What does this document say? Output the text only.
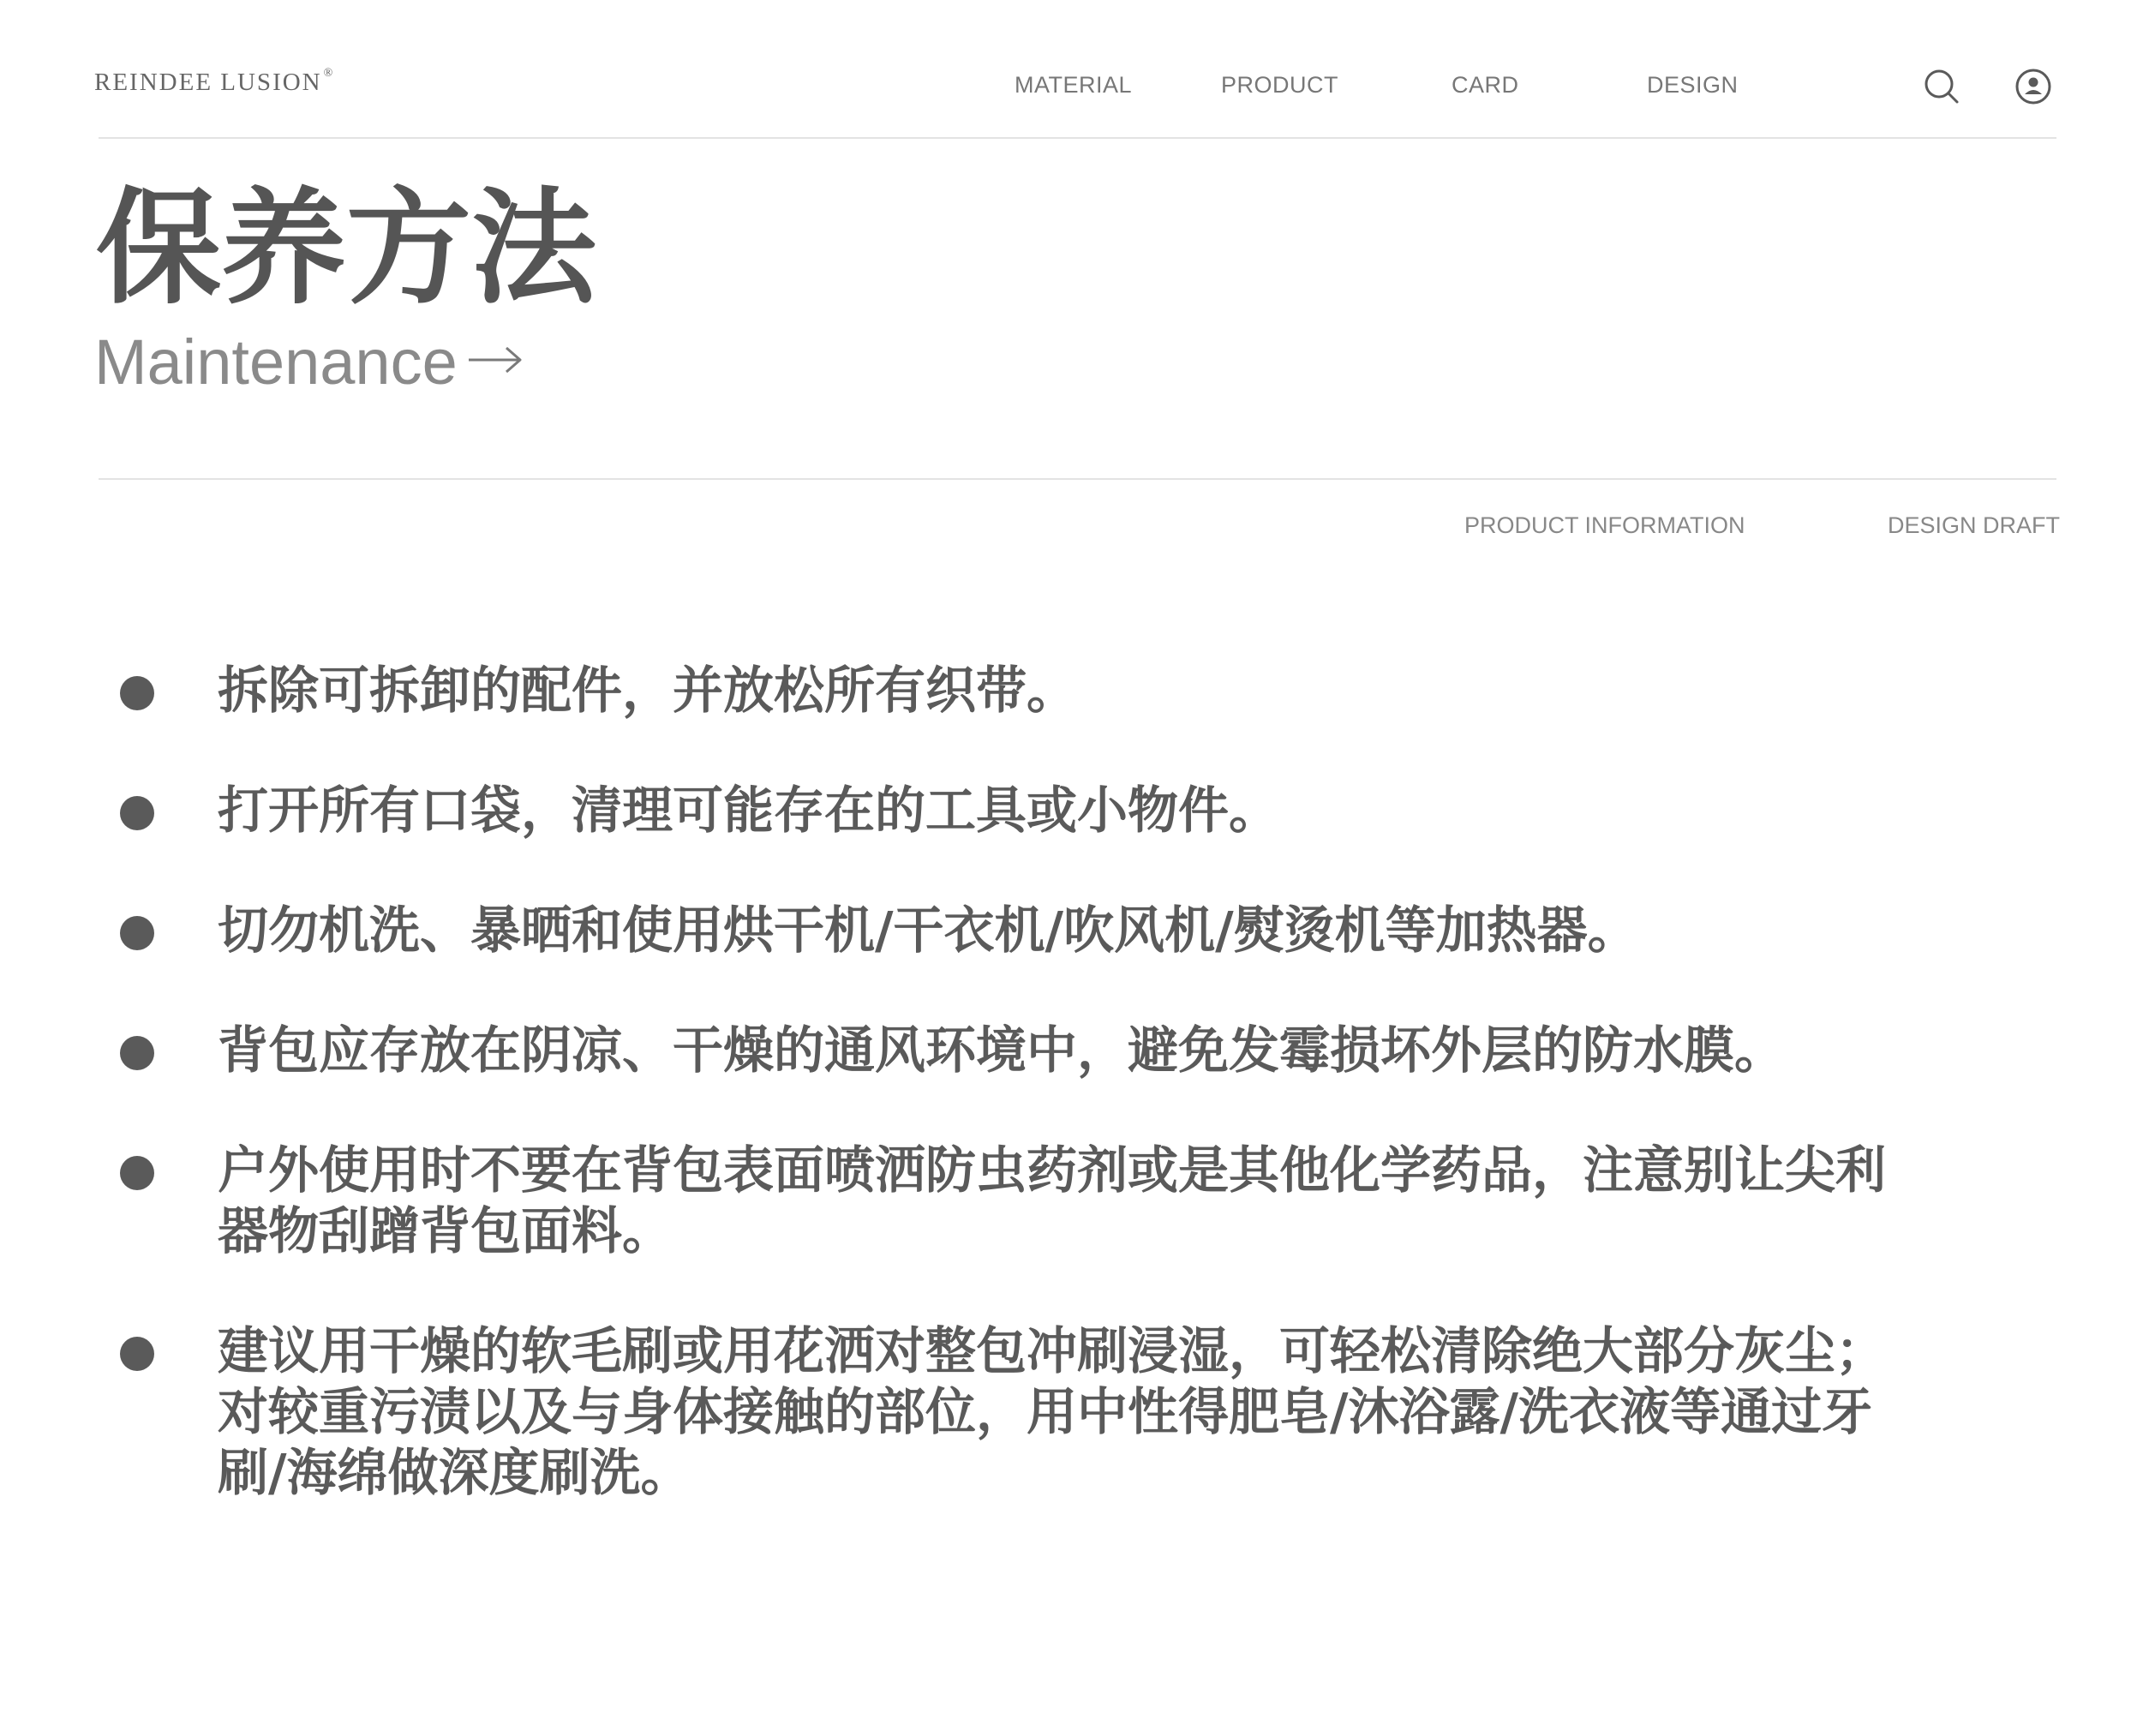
REINDEE LUSION ®	MATERIAL	PRODUCT	CARD	DESIGN
保养方法
Maintenance
PRODUCT INFORMATION	DESIGN DRAFT
拆除可拆卸的配件，并放松所有织带。
打开所有口袋，清理可能存在的工具或小物件。
切勿机洗、暴晒和使用烘干机/干衣机/吹风机/熨烫机等加热器。
背包应存放在阴凉、干燥的通风环境中，避免发霉损坏外层的防水膜。
户外使用时不要在背包表面喷洒防虫药剂或是其他化学药品，注意别让尖利器物刮蹭背包面料。
建议用干燥的软毛刷或用花洒对整包冲刷浸湿，可轻松清除绝大部分灰尘；对较重污渍以及与身体接触的部位，用中性得肥皂/沐浴露/洗衣液等通过牙刷/海绵做深度刷洗。
